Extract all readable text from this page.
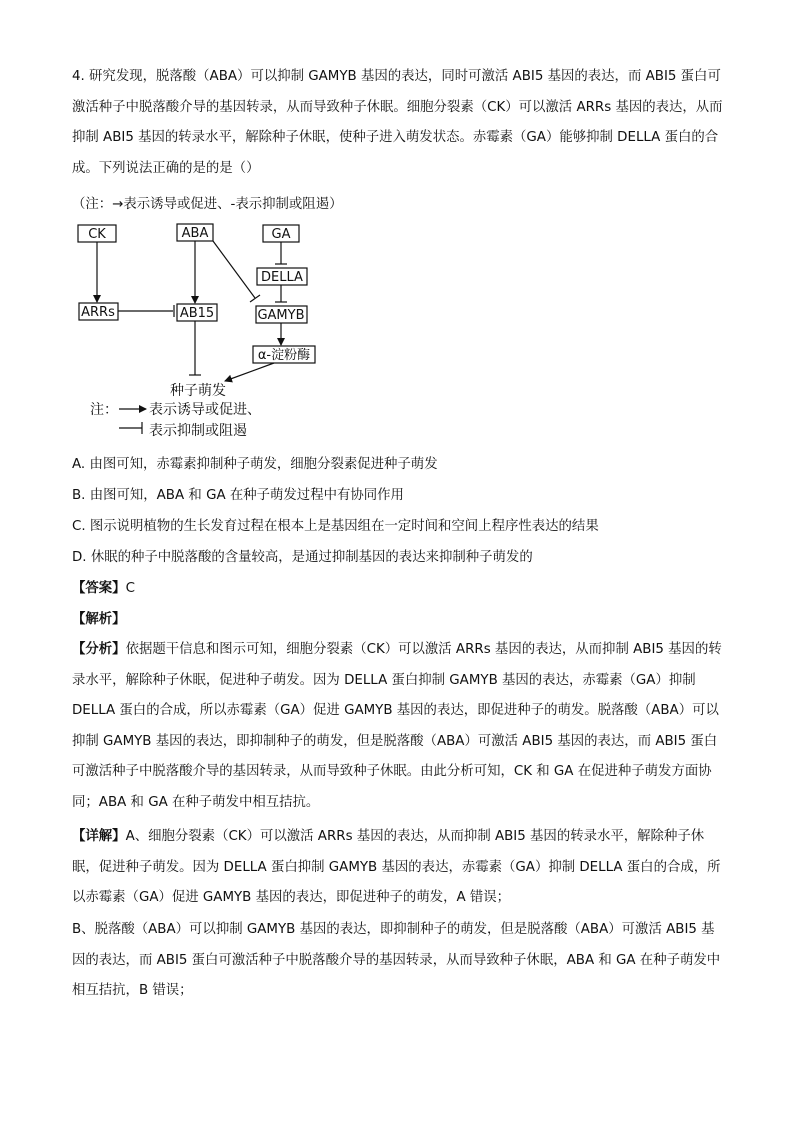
4. 研究发现，脱落酸（ABA）可以抑制 GAMYB 基因的表达，同时可激活 ABI5 基因的表达，而 ABI5 蛋白可激活种子中脱落酸介导的基因转录，从而导致种子休眠。细胞分裂素（CK）可以激活 ARRs 基因的表达，从而抑制 ABI5 基因的转录水平，解除种子休眠，使种子进入萌发状态。赤霉素（GA）能够抑制 DELLA 蛋白的合成。下列说法正确的是的是（）
（注：→表示诱导或促进、-表示抑制或阻遏）
CK	ABA	GA
DELLA
ARRs	AB15	GAMYB
α-淀粉酶
种子萌发
注： 表示诱导或促进、
表示抑制或阻遏
A. 由图可知，赤霉素抑制种子萌发，细胞分裂素促进种子萌发
B. 由图可知，ABA 和 GA 在种子萌发过程中有协同作用
C. 图示说明植物的生长发育过程在根本上是基因组在一定时间和空间上程序性表达的结果
D. 休眠的种子中脱落酸的含量较高，是通过抑制基因的表达来抑制种子萌发的
【答案】C
【解析】
【分析】依据题干信息和图示可知，细胞分裂素（CK）可以激活 ARRs 基因的表达，从而抑制 ABI5 基因的转录水平，解除种子休眠，促进种子萌发。因为 DELLA 蛋白抑制 GAMYB 基因的表达，赤霉素（GA）抑制 DELLA 蛋白的合成，所以赤霉素（GA）促进 GAMYB 基因的表达，即促进种子的萌发。脱落酸（ABA）可以抑制 GAMYB 基因的表达，即抑制种子的萌发，但是脱落酸（ABA）可激活 ABI5 基因的表达，而 ABI5 蛋白可激活种子中脱落酸介导的基因转录，从而导致种子休眠。由此分析可知，CK 和 GA 在促进种子萌发方面协同；ABA 和 GA 在种子萌发中相互拮抗。
【详解】A、细胞分裂素（CK）可以激活 ARRs 基因的表达，从而抑制 ABI5 基因的转录水平，解除种子休眠，促进种子萌发。因为 DELLA 蛋白抑制 GAMYB 基因的表达，赤霉素（GA）抑制 DELLA 蛋白的合成，所以赤霉素（GA）促进 GAMYB 基因的表达，即促进种子的萌发，A 错误；
B、脱落酸（ABA）可以抑制 GAMYB 基因的表达，即抑制种子的萌发，但是脱落酸（ABA）可激活 ABI5 基因的表达，而 ABI5 蛋白可激活种子中脱落酸介导的基因转录，从而导致种子休眠，ABA 和 GA 在种子萌发中相互拮抗，B 错误；
